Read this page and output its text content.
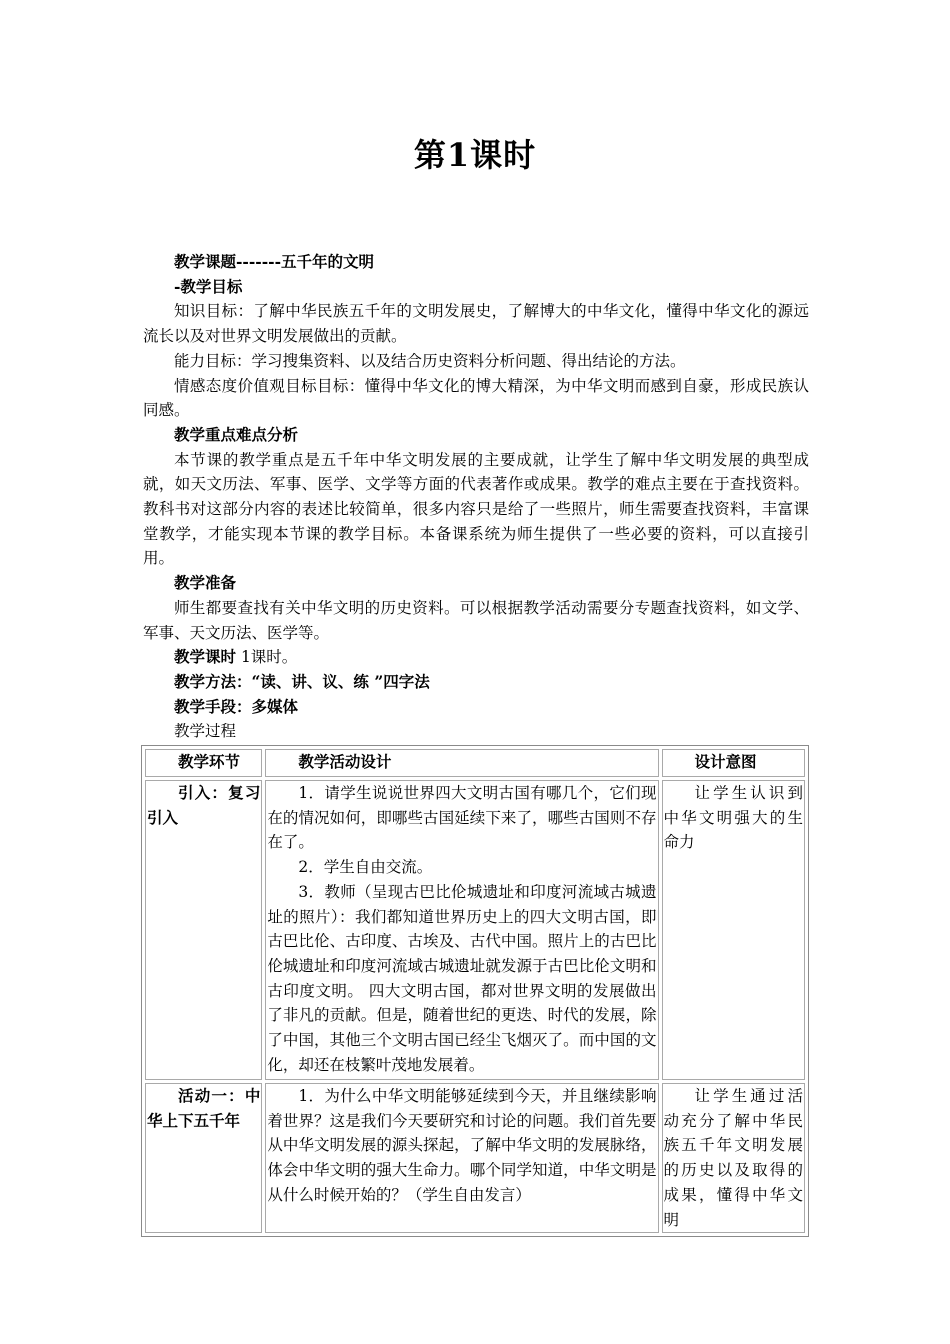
第1课时

教学课题-------五千年的文明

-教学目标

知识目标：了解中华民族五千年的文明发展史，了解博大的中华文化，懂得中华文化的源远流长以及对世界文明发展做出的贡献。

能力目标：学习搜集资料、以及结合历史资料分析问题、得出结论的方法。

情感态度价值观目标目标：懂得中华文化的博大精深，为中华文明而感到自豪，形成民族认同感。

教学重点难点分析

本节课的教学重点是五千年中华文明发展的主要成就，让学生了解中华文明发展的典型成就，如天文历法、军事、医学、文学等方面的代表著作或成果。教学的难点主要在于查找资料。教科书对这部分内容的表述比较简单，很多内容只是给了一些照片，师生需要查找资料，丰富课堂教学，才能实现本节课的教学目标。本备课系统为师生提供了一些必要的资料，可以直接引用。

教学准备

师生都要查找有关中华文明的历史资料。可以根据教学活动需要分专题查找资料，如文学、军事、天文历法、医学等。

教学课时 1课时。

教学方法：“读、讲、议、练 ”四字法

教学手段：多媒体

教学过程

教学环节	教学活动设计	设计意图

引入：复习引入	1．请学生说说世界四大文明古国有哪几个，它们现在的情况如何，即哪些古国延续下来了，哪些古国则不存在了。

2．学生自由交流。

3．教师（呈现古巴比伦城遗址和印度河流域古城遗址的照片）：我们都知道世界历史上的四大文明古国，即古巴比伦、古印度、古埃及、古代中国。照片上的古巴比伦城遗址和印度河流域古城遗址就发源于古巴比伦文明和古印度文明。 四大文明古国，都对世界文明的发展做出了非凡的贡献。但是，随着世纪的更迭、时代的发展，除了中国，其他三个文明古国已经尘飞烟灭了。而中国的文化，却还在枝繁叶茂地发展着。	让学生认识到中华文明强大的生命力

活动一：中华上下五千年	1．为什么中华文明能够延续到今天，并且继续影响着世界？这是我们今天要研究和讨论的问题。我们首先要从中华文明发展的源头探起，了解中华文明的发展脉络，体会中华文明的强大生命力。哪个同学知道，中华文明是从什么时候开始的？（学生自由发言）	让学生通过活动充分了解中华民族五千年文明发展的历史以及取得的成果，懂得中华文明
